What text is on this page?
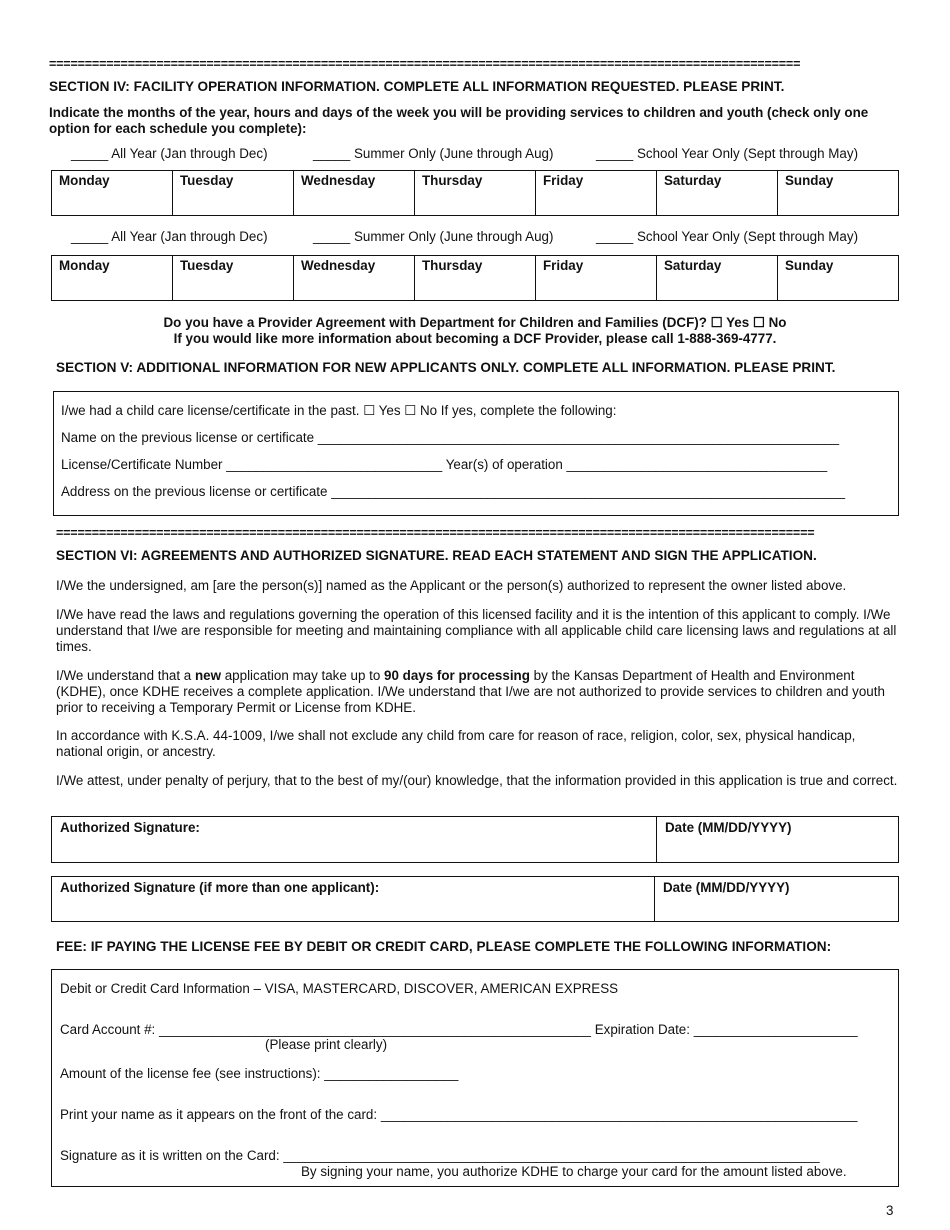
=========================================================================================================
SECTION IV: FACILITY OPERATION INFORMATION. COMPLETE ALL INFORMATION REQUESTED. PLEASE PRINT.
Indicate the months of the year, hours and days of the week you will be providing services to children and youth (check only one option for each schedule you complete):
_____ All Year (Jan through Dec)	_____ Summer Only (June through Aug)	_____ School Year Only (Sept through May)
Monday	Tuesday	Wednesday	Thursday	Friday	Saturday	Sunday
_____ All Year (Jan through Dec)	_____ Summer Only (June through Aug)	_____ School Year Only (Sept through May)
Monday	Tuesday	Wednesday	Thursday	Friday	Saturday	Sunday
Do you have a Provider Agreement with Department for Children and Families (DCF)? ☐ Yes ☐ No
If you would like more information about becoming a DCF Provider, please call 1-888-369-4777.
SECTION V: ADDITIONAL INFORMATION FOR NEW APPLICANTS ONLY. COMPLETE ALL INFORMATION. PLEASE PRINT.
I/we had a child care license/certificate in the past. ☐ Yes ☐ No If yes, complete the following:
Name on the previous license or certificate ______________________________________________________________________
License/Certificate Number _____________________________ Year(s) of operation ___________________________________
Address on the previous license or certificate _____________________________________________________________________
==========================================================================================================
SECTION VI: AGREEMENTS AND AUTHORIZED SIGNATURE. READ EACH STATEMENT AND SIGN THE APPLICATION.
I/We the undersigned, am [are the person(s)] named as the Applicant or the person(s) authorized to represent the owner listed above.
I/We have read the laws and regulations governing the operation of this licensed facility and it is the intention of this applicant to comply. I/We understand that I/we are responsible for meeting and maintaining compliance with all applicable child care licensing laws and regulations at all times.
I/We understand that a new application may take up to 90 days for processing by the Kansas Department of Health and Environment (KDHE), once KDHE receives a complete application. I/We understand that I/we are not authorized to provide services to children and youth prior to receiving a Temporary Permit or License from KDHE.
In accordance with K.S.A. 44-1009, I/we shall not exclude any child from care for reason of race, religion, color, sex, physical handicap, national origin, or ancestry.
I/We attest, under penalty of perjury, that to the best of my/(our) knowledge, that the information provided in this application is true and correct.
Authorized Signature:	Date (MM/DD/YYYY)
Authorized Signature (if more than one applicant):	Date (MM/DD/YYYY)
FEE: IF PAYING THE LICENSE FEE BY DEBIT OR CREDIT CARD, PLEASE COMPLETE THE FOLLOWING INFORMATION:
Debit or Credit Card Information – VISA, MASTERCARD, DISCOVER, AMERICAN EXPRESS
Card Account #: __________________________________________________________ Expiration Date: ______________________
(Please print clearly)
Amount of the license fee (see instructions): __________________
Print your name as it appears on the front of the card: ________________________________________________________________
Signature as it is written on the Card: ________________________________________________________________________
By signing your name, you authorize KDHE to charge your card for the amount listed above.
3
